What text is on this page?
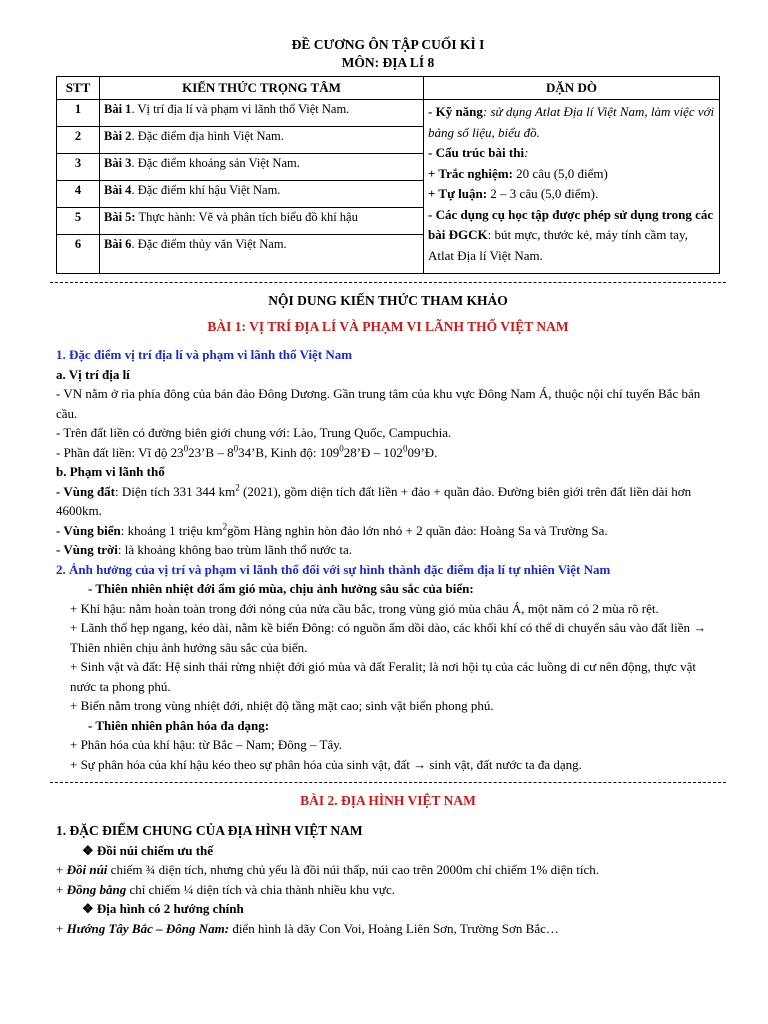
ĐỀ CƯƠNG ÔN TẬP CUỐI KÌ I
MÔN: ĐỊA LÍ 8
STT	KIẾN THỨC TRỌNG TÂM	DẶN DÒ
1	Bài 1. Vị trí địa lí và phạm vi lãnh thổ Việt Nam.	- Kỹ năng: sử dụng Atlat Địa lí Việt Nam, làm việc với bảng số liệu, biểu đồ.
- Cấu trúc bài thi:
+ Trắc nghiệm: 20 câu (5,0 điểm)
+ Tự luận: 2 – 3 câu (5,0 điểm).
- Các dụng cụ học tập được phép sử dụng trong các bài ĐGCK: bút mực, thước kẻ, máy tính cầm tay, Atlat Địa lí Việt Nam.

2	Bài 2. Đặc điểm địa hình Việt Nam.	
3	Bài 3. Đặc điểm khoáng sản Việt Nam.	
4	Bài 4. Đặc điểm khí hậu Việt Nam.	
5	Bài 5: Thực hành: Vẽ và phân tích biểu đồ khí hậu	
6	Bài 6. Đặc điểm thủy văn Việt Nam.	
NỘI DUNG KIẾN THỨC THAM KHẢO
BÀI 1: VỊ TRÍ ĐỊA LÍ VÀ PHẠM VI LÃNH THỔ VIỆT NAM

1. Đặc điểm vị trí địa lí và phạm vi lãnh thổ Việt Nam

a. Vị trí địa lí

- VN nằm ở rìa phía đông của bán đảo Đông Dương. Gần trung tâm của khu vực Đông Nam Á, thuộc nội chí tuyến Bắc bán cầu.

- Trên đất liền có đường biên giới chung với: Lào, Trung Quốc, Campuchia.

- Phần đất liền: Vĩ độ $23^023’B$ – $8^034’B$, Kinh độ: $109^028’Đ$ – $102^009’Đ$.

b. Phạm vi lãnh thổ

- Vùng đất: Diện tích 331 344 $km^2$ (2021), gồm diện tích đất liền + đảo + quần đảo. Đường biên giới trên đất liền dài hơn 4600km.

- Vùng biển: khoảng 1 triệu $km^2gồm$ Hàng nghìn hòn đảo lớn nhỏ + 2 quần đảo: Hoàng Sa và Trường Sa.

- Vùng trời: là khoảng không bao trùm lãnh thổ nước ta.

2. Ảnh hưởng của vị trí và phạm vi lãnh thổ đối với sự hình thành đặc điểm địa lí tự nhiên Việt Nam

- Thiên nhiên nhiệt đới ẩm gió mùa, chịu ảnh hưởng sâu sắc của biển:

+ Khí hậu: nằm hoàn toàn trong đới nóng của nửa cầu bắc, trong vùng gió mùa châu Á, một năm có 2 mùa rõ rệt.

+ Lãnh thổ hẹp ngang, kéo dài, nằm kề biển Đông: có nguồn ẩm dồi dào, các khối khí có thể di chuyển sâu vào đất liền → Thiên nhiên chịu ảnh hưởng sâu sắc của biển.

+ Sinh vật và đất: Hệ sinh thái rừng nhiệt đới gió mùa và đất Feralit; là nơi hội tụ của các luồng di cư nên động, thực vật nước ta phong phú.

+ Biển nằm trong vùng nhiệt đới, nhiệt độ tầng mặt cao; sinh vật biển phong phú.

- Thiên nhiên phân hóa đa dạng:

+ Phân hóa của khí hậu: từ Bắc – Nam; Đông – Tây.

+ Sự phân hóa của khí hậu kéo theo sự phân hóa của sinh vật, đất → sinh vật, đất nước ta đa dạng.

BÀI 2. ĐỊA HÌNH VIỆT NAM

1. ĐẶC ĐIỂM CHUNG CỦA ĐỊA HÌNH VIỆT NAM

❖ Đồi núi chiếm ưu thế

+ Đồi núi chiếm ¾ diện tích, nhưng chủ yếu là đồi núi thấp, núi cao trên 2000m chỉ chiếm 1% diện tích.

+ Đồng bằng chỉ chiếm ¼ diện tích và chia thành nhiều khu vực.

❖ Địa hình có 2 hướng chính

+ Hướng Tây Bắc – Đông Nam: điển hình là dãy Con Voi, Hoàng Liên Sơn, Trường Sơn Bắc…
